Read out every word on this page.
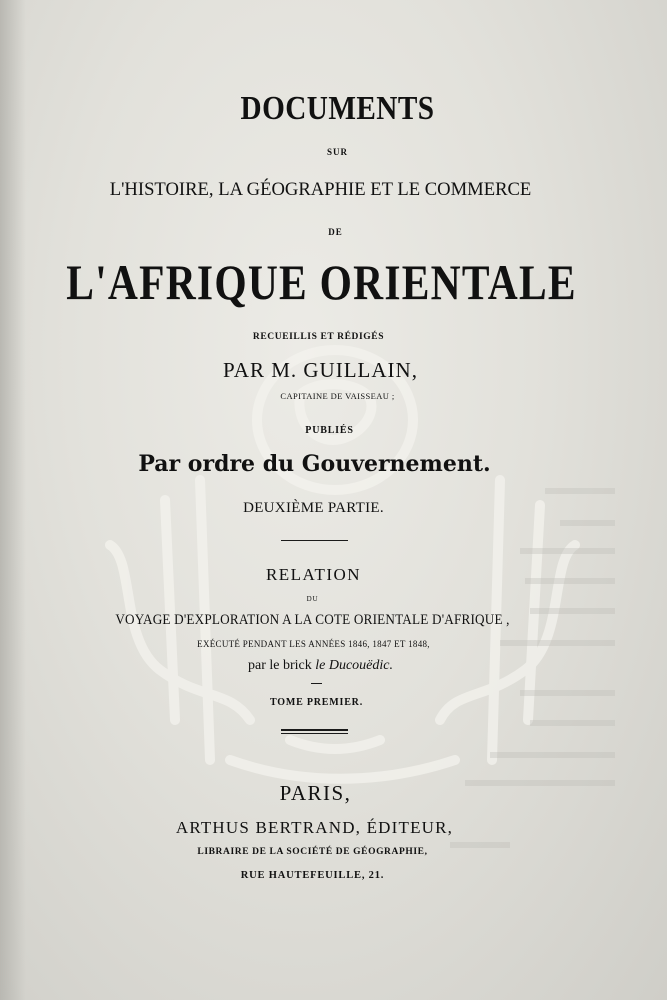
DOCUMENTS
SUR
L'HISTOIRE, LA GÉOGRAPHIE ET LE COMMERCE
DE
L'AFRIQUE ORIENTALE
RECUEILLIS ET RÉDIGÉS
PAR M. GUILLAIN,
CAPITAINE DE VAISSEAU ;
PUBLIÉS
Par ordre du Gouvernement.
DEUXIÈME PARTIE.
RELATION
DU
VOYAGE D'EXPLORATION A LA COTE ORIENTALE D'AFRIQUE ,
EXÉCUTÉ PENDANT LES ANNÉES 1846, 1847 ET 1848,
par le brick le Ducouëdic.
TOME PREMIER.
PARIS,
ARTHUS BERTRAND, ÉDITEUR,
LIBRAIRE DE LA SOCIÉTÉ DE GÉOGRAPHIE,
RUE HAUTEFEUILLE, 21.
